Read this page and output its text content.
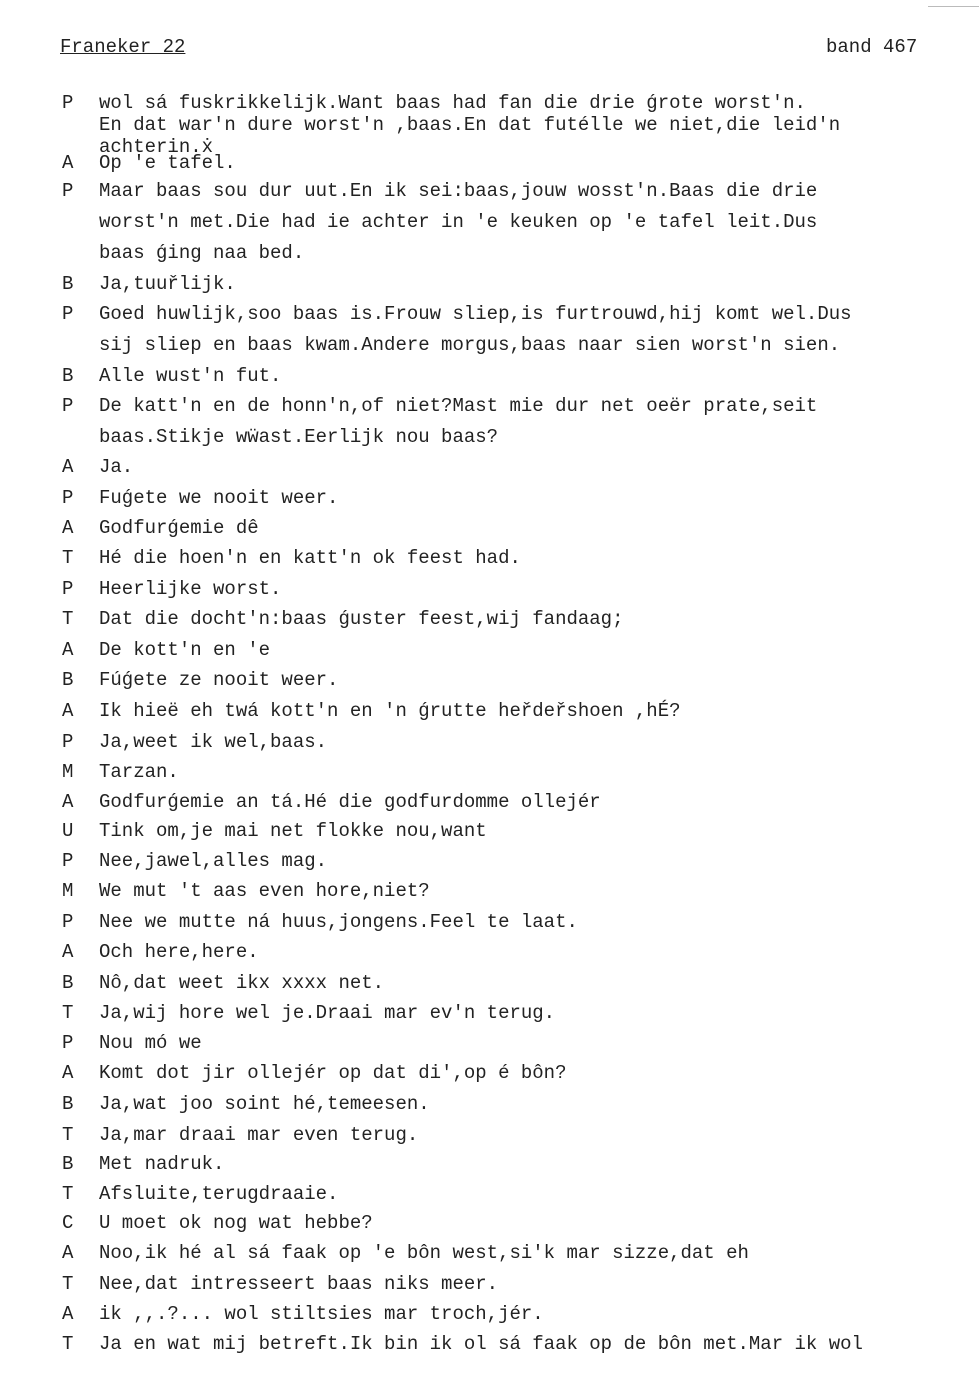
Franeker 22	band 467
P wol sá fuskrikkelijk.Want baas had fan die drie ǵrote worst′n.
En dat war′n dure worst′n ,baas.En dat futélle we niet,die leid′n
achterin.ẋ
A Op ′e tafel.
P Maar baas sou dur uut.En ik sei:baas,jouw wosst′n.Baas die drie
worst′n met.Die had ie achter in ′e keuken op ′e tafel leit.Dus
baas ǵing naa bed.
B Ja,tuuřlijk.
P Goed huwlijk,soo baas is.Frouw sliep,is furtrouwd,hij komt wel.Dus
sij sliep en baas kwam.Andere morgus,baas naar sien worst′n sien.
B Alle wust′n fut.
P De katt′n en de honn′n,of niet?Mast mie dur net oeër prate,seit
baas.Stikje wẅast.Eerlijk nou baas?
A Ja.
P Fuǵete we nooit weer.
A Godfurǵemie dê
T Hé die hoen′n en katt′n ok feest had.
P Heerlijke worst.
T Dat die docht′n:baas ǵuster feest,wij fandaag;
A De kott′n en ′e
B Fúǵete ze nooit weer.
A Ik hieë eh twá kott′n en ′n ǵrutte heřdeřshoen ,hÉ?
P Ja,weet ik wel,baas.
M Tarzan.
A Godfurǵemie an tá.Hé die godfurdomme ollejér
U Tink om,je mai net flokke nou,want
P Nee,jawel,alles mag.
M We mut ′t aas even hore,niet?
P Nee we mutte ná huus,jongens.Feel te laat.
A Och here,here.
B Nô,dat weet ikx xxxx net.
T Ja,wij hore wel je.Draai mar ev′n terug.
P Nou mó we
A Komt dot jir ollejér op dat di′,op é bôn?
B Ja,wat joo soint hé,temeesen.
T Ja,mar draai mar even terug.
B Met nadruk.
T Afsluite,terugdraaie.
C U moet ok nog wat hebbe?
A Noo,ik hé al sá faak op ′e bôn west,si′k mar sizze,dat eh
T Nee,dat intresseert baas niks meer.
A ik ,,.?... wol stiltsies mar troch,jér.
T Ja en wat mij betreft.Ik bin ik ol sá faak op de bôn met.Mar ik wol
